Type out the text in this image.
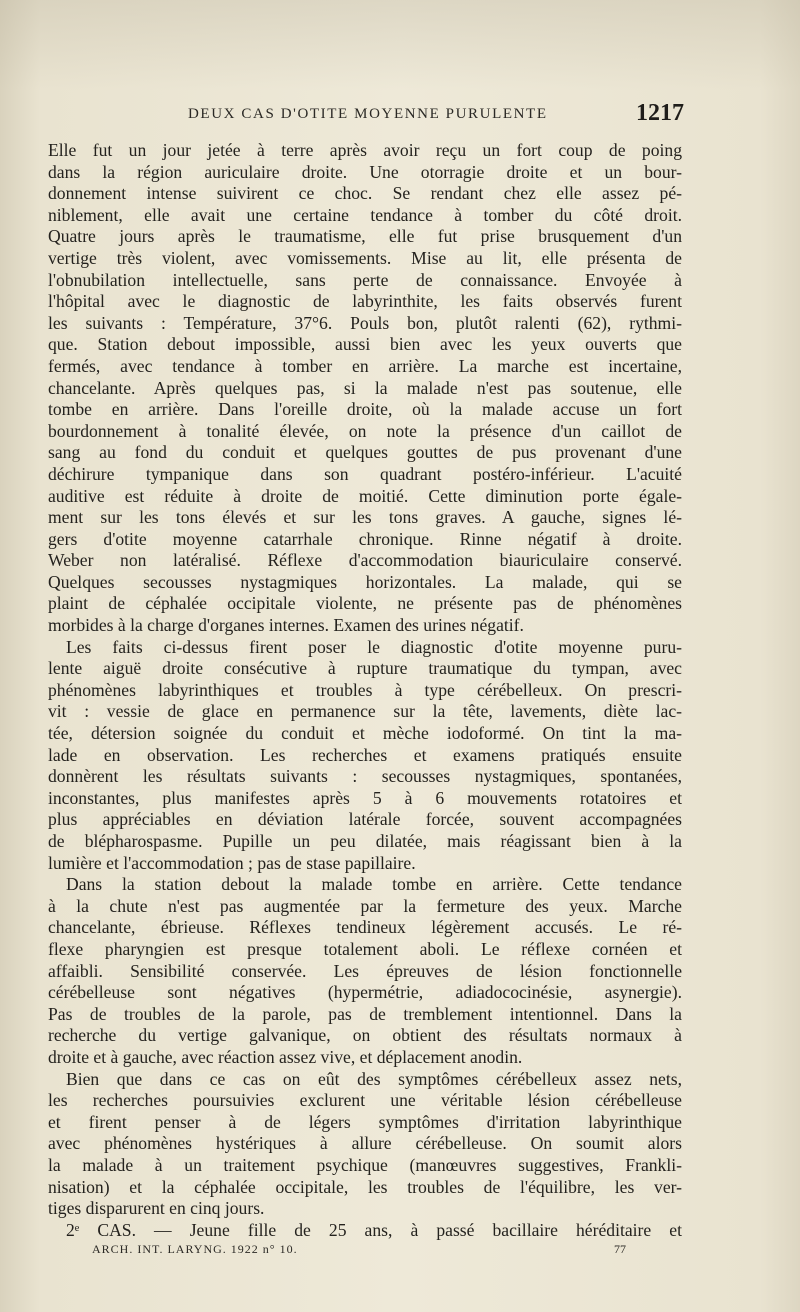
DEUX CAS D'OTITE MOYENNE PURULENTE	1217

Elle fut un jour jetée à terre après avoir reçu un fort coup de poing

dans la région auriculaire droite. Une otorragie droite et un bour-

donnement intense suivirent ce choc. Se rendant chez elle assez pé-

niblement, elle avait une certaine tendance à tomber du côté droit.

Quatre jours après le traumatisme, elle fut prise brusquement d'un

vertige très violent, avec vomissements. Mise au lit, elle présenta de

l'obnubilation intellectuelle, sans perte de connaissance. Envoyée à

l'hôpital avec le diagnostic de labyrinthite, les faits observés furent

les suivants : Température, 37°6. Pouls bon, plutôt ralenti (62), rythmi-

que. Station debout impossible, aussi bien avec les yeux ouverts que

fermés, avec tendance à tomber en arrière. La marche est incertaine,

chancelante. Après quelques pas, si la malade n'est pas soutenue, elle

tombe en arrière. Dans l'oreille droite, où la malade accuse un fort

bourdonnement à tonalité élevée, on note la présence d'un caillot de

sang au fond du conduit et quelques gouttes de pus provenant d'une

déchirure tympanique dans son quadrant postéro-inférieur. L'acuité

auditive est réduite à droite de moitié. Cette diminution porte égale-

ment sur les tons élevés et sur les tons graves. A gauche, signes lé-

gers d'otite moyenne catarrhale chronique. Rinne négatif à droite.

Weber non latéralisé. Réflexe d'accommodation biauriculaire conservé.

Quelques secousses nystagmiques horizontales. La malade, qui se

plaint de céphalée occipitale violente, ne présente pas de phénomènes

morbides à la charge d'organes internes. Examen des urines négatif.

Les faits ci-dessus firent poser le diagnostic d'otite moyenne puru-

lente aiguë droite consécutive à rupture traumatique du tympan, avec

phénomènes labyrinthiques et troubles à type cérébelleux. On prescri-

vit : vessie de glace en permanence sur la tête, lavements, diète lac-

tée, détersion soignée du conduit et mèche iodoformé. On tint la ma-

lade en observation. Les recherches et examens pratiqués ensuite

donnèrent les résultats suivants : secousses nystagmiques, spontanées,

inconstantes, plus manifestes après 5 à 6 mouvements rotatoires et

plus appréciables en déviation latérale forcée, souvent accompagnées

de blépharospasme. Pupille un peu dilatée, mais réagissant bien à la

lumière et l'accommodation ; pas de stase papillaire.

Dans la station debout la malade tombe en arrière. Cette tendance

à la chute n'est pas augmentée par la fermeture des yeux. Marche

chancelante, ébrieuse. Réflexes tendineux légèrement accusés. Le ré-

flexe pharyngien est presque totalement aboli. Le réflexe cornéen et

affaibli. Sensibilité conservée. Les épreuves de lésion fonctionnelle

cérébelleuse sont négatives (hypermétrie, adiadococinésie, asynergie).

Pas de troubles de la parole, pas de tremblement intentionnel. Dans la

recherche du vertige galvanique, on obtient des résultats normaux à

droite et à gauche, avec réaction assez vive, et déplacement anodin.

Bien que dans ce cas on eût des symptômes cérébelleux assez nets,

les recherches poursuivies exclurent une véritable lésion cérébelleuse

et firent penser à de légers symptômes d'irritation labyrinthique

avec phénomènes hystériques à allure cérébelleuse. On soumit alors

la malade à un traitement psychique (manœuvres suggestives, Frankli-

nisation) et la céphalée occipitale, les troubles de l'équilibre, les ver-

tiges disparurent en cinq jours.

2ᵉ CAS. — Jeune fille de 25 ans, à passé bacillaire héréditaire et

ARCH. INT. LARYNG. 1922 n° 10.	77
